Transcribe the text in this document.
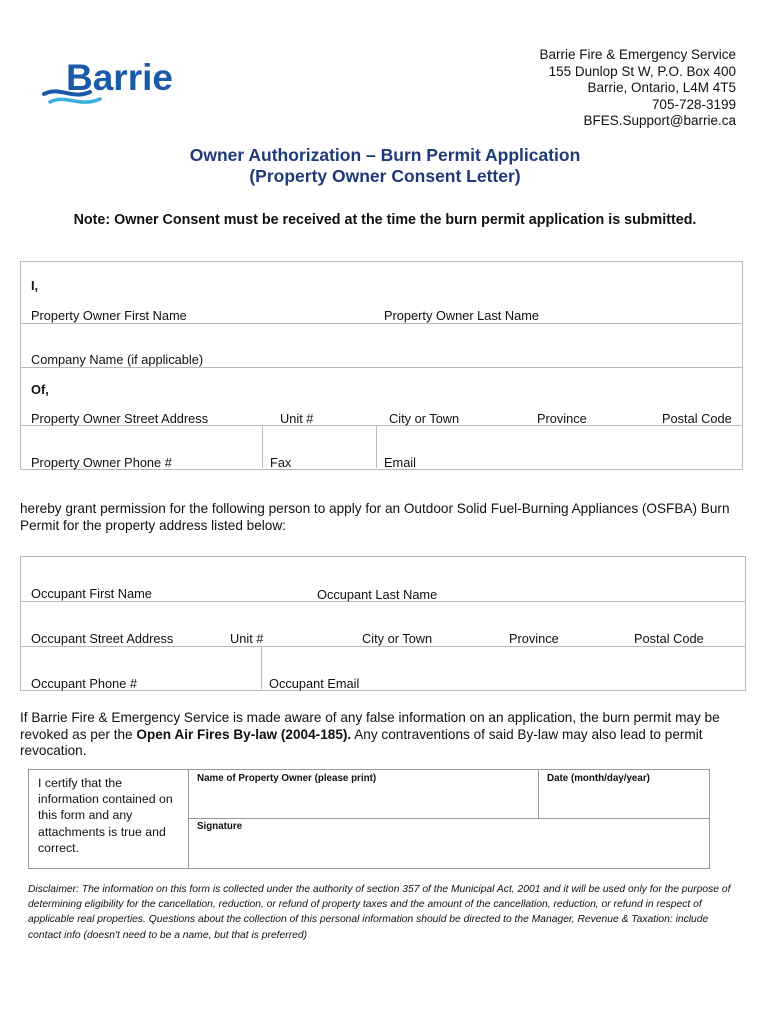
Barrie
Barrie Fire & Emergency Service
155 Dunlop St W, P.O. Box 400
Barrie, Ontario, L4M 4T5
705-728-3199
BFES.Support@barrie.ca
Owner Authorization – Burn Permit Application
(Property Owner Consent Letter)
Note: Owner Consent must be received at the time the burn permit application is submitted.
I,
Property Owner First Name	Property Owner Last Name
Company Name (if applicable)
Of,
Property Owner Street Address	Unit #	City or Town	Province	Postal Code
Property Owner Phone #	Fax	Email
hereby grant permission for the following person to apply for an Outdoor Solid Fuel-Burning Appliances (OSFBA) Burn Permit for the property address listed below:
Occupant First Name	Occupant Last Name
Occupant Street Address	Unit #	City or Town	Province	Postal Code
Occupant Phone #	Occupant Email
If Barrie Fire & Emergency Service is made aware of any false information on an application, the burn permit may be revoked as per the Open Air Fires By-law (2004-185). Any contraventions of said By-law may also lead to permit revocation.
I certify that the information contained on this form and any attachments is true and correct.
Name of Property Owner (please print)	Date (month/day/year)
Signature
Disclaimer: The information on this form is collected under the authority of section 357 of the Municipal Act, 2001 and it will be used only for the purpose of determining eligibility for the cancellation, reduction, or refund of property taxes and the amount of the cancellation, reduction, or refund in respect of applicable real properties. Questions about the collection of this personal information should be directed to the Manager, Revenue & Taxation: include contact info (doesn't need to be a name, but that is preferred)
